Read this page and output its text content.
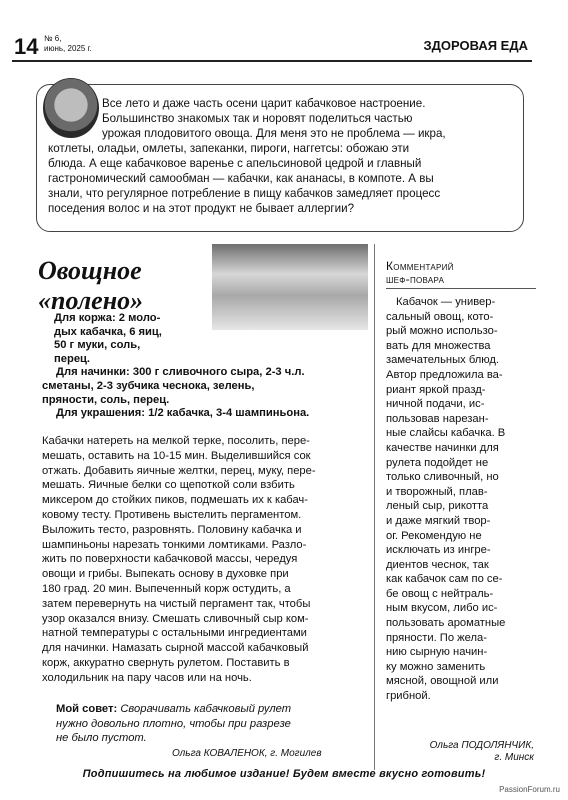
14 № 6,
июнь, 2025 г.	ЗДОРОВАЯ ЕДА
Все лето и даже часть осени царит кабачковое настроение.
Большинство знакомых так и норовят поделиться частью
урожая плодовитого овоща. Для меня это не проблема — икра,
котлеты, оладьи, омлеты, запеканки, пироги, наггетсы: обожаю эти
блюда. А еще кабачковое варенье с апельсиновой цедрой и главный
гастрономический самообман — кабачки, как ананасы, в компоте. А вы
знали, что регулярное потребление в пищу кабачков замедляет процесс
поседения волос и на этот продукт не бывает аллергии?
Овощное
«полено»
Для коржа: 2 моло-
дых кабачка, 6 яиц,
50 г муки, соль,
перец.
Для начинки: 300 г сливочного сыра, 2-3 ч.л.
сметаны, 2-3 зубчика чеснока, зелень,
пряности, соль, перец.
Для украшения: 1/2 кабачка, 3-4 шампиньона.
Кабачки натереть на мелкой терке, посолить, пере-
мешать, оставить на 10-15 мин. Выделившийся сок
отжать. Добавить яичные желтки, перец, муку, пере-
мешать. Яичные белки со щепоткой соли взбить
миксером до стойких пиков, подмешать их к кабач-
ковому тесту. Противень выстелить пергаментом.
Выложить тесто, разровнять. Половину кабачка и
шампиньоны нарезать тонкими ломтиками. Разло-
жить по поверхности кабачковой массы, чередуя
овощи и грибы. Выпекать основу в духовке при
180 град. 20 мин. Выпеченный корж остудить, а
затем перевернуть на чистый пергамент так, чтобы
узор оказался внизу. Смешать сливочный сыр ком-
натной температуры с остальными ингредиентами
для начинки. Намазать сырной массой кабачковый
корж, аккуратно свернуть рулетом. Поставить в
холодильник на пару часов или на ночь.
Мой совет: Сворачивать кабачковый рулет
нужно довольно плотно, чтобы при разрезе
не было пустот.
Ольга КОВАЛЕНОК, г. Могилев
Комментарий
шеф-повара
Кабачок — универ-
сальный овощ, кото-
рый можно использо-
вать для множества
замечательных блюд.
Автор предложила ва-
риант яркой празд-
ничной подачи, ис-
пользовав нарезан-
ные слайсы кабачка. В
качестве начинки для
рулета подойдет не
только сливочный, но
и творожный, плав-
леный сыр, рикотта
и даже мягкий твор-
ог. Рекомендую не
исключать из ингре-
диентов чеснок, так
как кабачок сам по се-
бе овощ с нейтраль-
ным вкусом, либо ис-
пользовать ароматные
пряности. По жела-
нию сырную начин-
ку можно заменить
мясной, овощной или
грибной.
Ольга ПОДОЛЯНЧИК,
г. Минск
Подпишитесь на любимое издание! Будем вместе вкусно готовить!
PassionForum.ru
